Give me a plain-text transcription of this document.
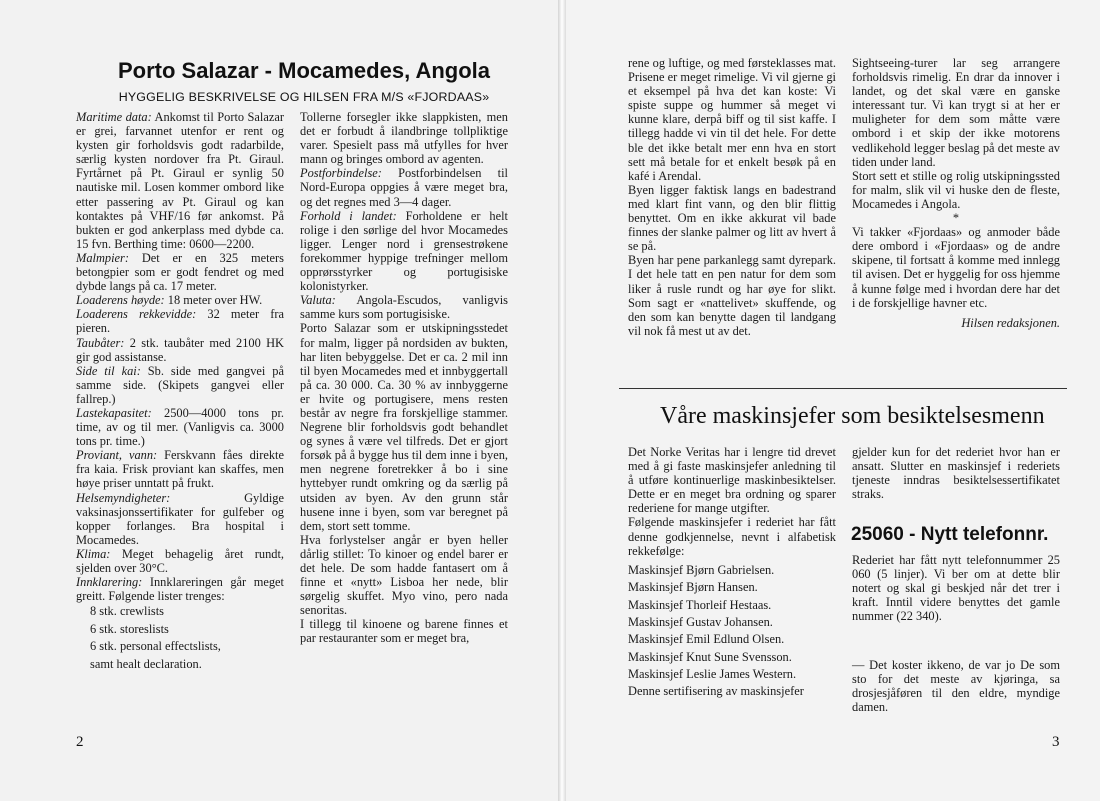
Porto Salazar - Mocamedes, Angola
HYGGELIG BESKRIVELSE OG HILSEN FRA M/S «FJORDAAS»

Maritime data: Ankomst til Porto Salazar er grei, farvannet utenfor er rent og kysten gir forholdsvis godt radarbilde, særlig kysten nordover fra Pt. Giraul. Fyrtårnet på Pt. Giraul er synlig 50 nautiske mil. Losen kommer ombord like etter passering av Pt. Giraul og kan kontaktes på VHF/16 før ankomst. På bukten er god ankerplass med dybde ca. 15 fvn. Berthing time: 0600—2200.

Malmpier: Det er en 325 meters betongpier som er godt fendret og med dybde langs på ca. 17 meter.

Loaderens høyde: 18 meter over HW.

Loaderens rekkevidde: 32 meter fra pieren.

Taubåter: 2 stk. taubåter med 2100 HK gir god assistanse.

Side til kai: Sb. side med gangvei på samme side. (Skipets gangvei eller fallrep.)

Lastekapasitet: 2500—4000 tons pr. time, av og til mer. (Vanligvis ca. 3000 tons pr. time.)

Proviant, vann: Ferskvann fåes direkte fra kaia. Frisk proviant kan skaffes, men høye priser unntatt på frukt.

Helsemyndigheter: Gyldige vaksinasjonssertifikater for gulfeber og kopper forlanges. Bra hospital i Mocamedes.

Klima: Meget behagelig året rundt, sjelden over 30°C.

Innklarering: Innklareringen går meget greitt. Følgende lister trenges:

8 stk. crewlists
6 stk. storeslists
6 stk. personal effectslists,
samt healt declaration.

Tollerne forsegler ikke slappkisten, men det er forbudt å ilandbringe tollpliktige varer. Spesielt pass må utfylles for hver mann og bringes ombord av agenten.

Postforbindelse: Postforbindelsen til Nord-Europa oppgies å være meget bra, og det regnes med 3—4 dager.

Forhold i landet: Forholdene er helt rolige i den sørlige del hvor Mocamedes ligger. Lenger nord i grensestrøkene forekommer hyppige trefninger mellom opprørsstyrker og portugisiske kolonistyrker.

Valuta: Angola-Escudos, vanligvis samme kurs som portugisiske.

Porto Salazar som er utskipningsstedet for malm, ligger på nordsiden av bukten, har liten bebyggelse. Det er ca. 2 mil inn til byen Mocamedes med et innbyggertall på ca. 30 000. Ca. 30 % av innbyggerne er hvite og portugisere, mens resten består av negre fra forskjellige stammer. Negrene blir forholdsvis godt behandlet og synes å være vel tilfreds. Det er gjort forsøk på å bygge hus til dem inne i byen, men negrene foretrekker å bo i sine hyttebyer rundt omkring og da særlig på utsiden av byen. Av den grunn står husene inne i byen, som var beregnet på dem, stort sett tomme.

Hva forlystelser angår er byen heller dårlig stillet: To kinoer og endel barer er det hele. De som hadde fantasert om å finne et «nytt» Lisboa her nede, blir sørgelig skuffet. Myo vino, pero nada senoritas.

I tillegg til kinoene og barene finnes et par restauranter som er meget bra,

2

rene og luftige, og med førsteklasses mat. Prisene er meget rimelige. Vi vil gjerne gi et eksempel på hva det kan koste: Vi spiste suppe og hummer så meget vi kunne klare, derpå biff og til sist kaffe. I tillegg hadde vi vin til det hele. For dette ble det ikke betalt mer enn hva en stort sett må betale for et enkelt besøk på en kafé i Arendal.

Byen ligger faktisk langs en badestrand med klart fint vann, og den blir flittig benyttet. Om en ikke akkurat vil bade finnes der slanke palmer og litt av hvert å se på.

Byen har pene parkanlegg samt dyrepark. I det hele tatt en pen natur for dem som liker å rusle rundt og har øye for slikt. Som sagt er «nattelivet» skuffende, og den som kan benytte dagen til landgang vil nok få mest ut av det.

Sightseeing-turer lar seg arrangere forholdsvis rimelig. En drar da innover i landet, og det skal være en ganske interessant tur. Vi kan trygt si at her er muligheter for dem som måtte være ombord i et skip der ikke motorens vedlikehold legger beslag på det meste av tiden under land.

Stort sett et stille og rolig utskipningssted for malm, slik vil vi huske den de fleste, Mocamedes i Angola.

*

Vi takker «Fjordaas» og anmoder både dere ombord i «Fjordaas» og de andre skipene, til fortsatt å komme med innlegg til avisen. Det er hyggelig for oss hjemme å kunne følge med i hvordan dere har det i de forskjellige havner etc.

Hilsen redaksjonen.

Våre maskinsjefer som besiktelsesmenn

Det Norke Veritas har i lengre tid drevet med å gi faste maskinsjefer anledning til å utføre kontinuerlige maskinbesiktelser. Dette er en meget bra ordning og sparer rederiene for mange utgifter.

Følgende maskinsjefer i rederiet har fått denne godkjennelse, nevnt i alfabetisk rekkefølge:

Maskinsjef Bjørn Gabrielsen.
Maskinsjef Bjørn Hansen.
Maskinsjef Thorleif Hestaas.
Maskinsjef Gustav Johansen.
Maskinsjef Emil Edlund Olsen.
Maskinsjef Knut Sune Svensson.
Maskinsjef Leslie James Western.

Denne sertifisering av maskinsjefer

gjelder kun for det rederiet hvor han er ansatt. Slutter en maskinsjef i rederiets tjeneste inndras besiktelsessertifikatet straks.

25060 - Nytt telefonnr.

Rederiet har fått nytt telefonnummer 25 060 (5 linjer). Vi ber om at dette blir notert og skal gi beskjed når det trer i kraft. Inntil videre benyttes det gamle nummer (22 340).

— Det koster ikkeno, de var jo De som sto for det meste av kjøringa, sa drosjesjåføren til den eldre, myndige damen.

3
